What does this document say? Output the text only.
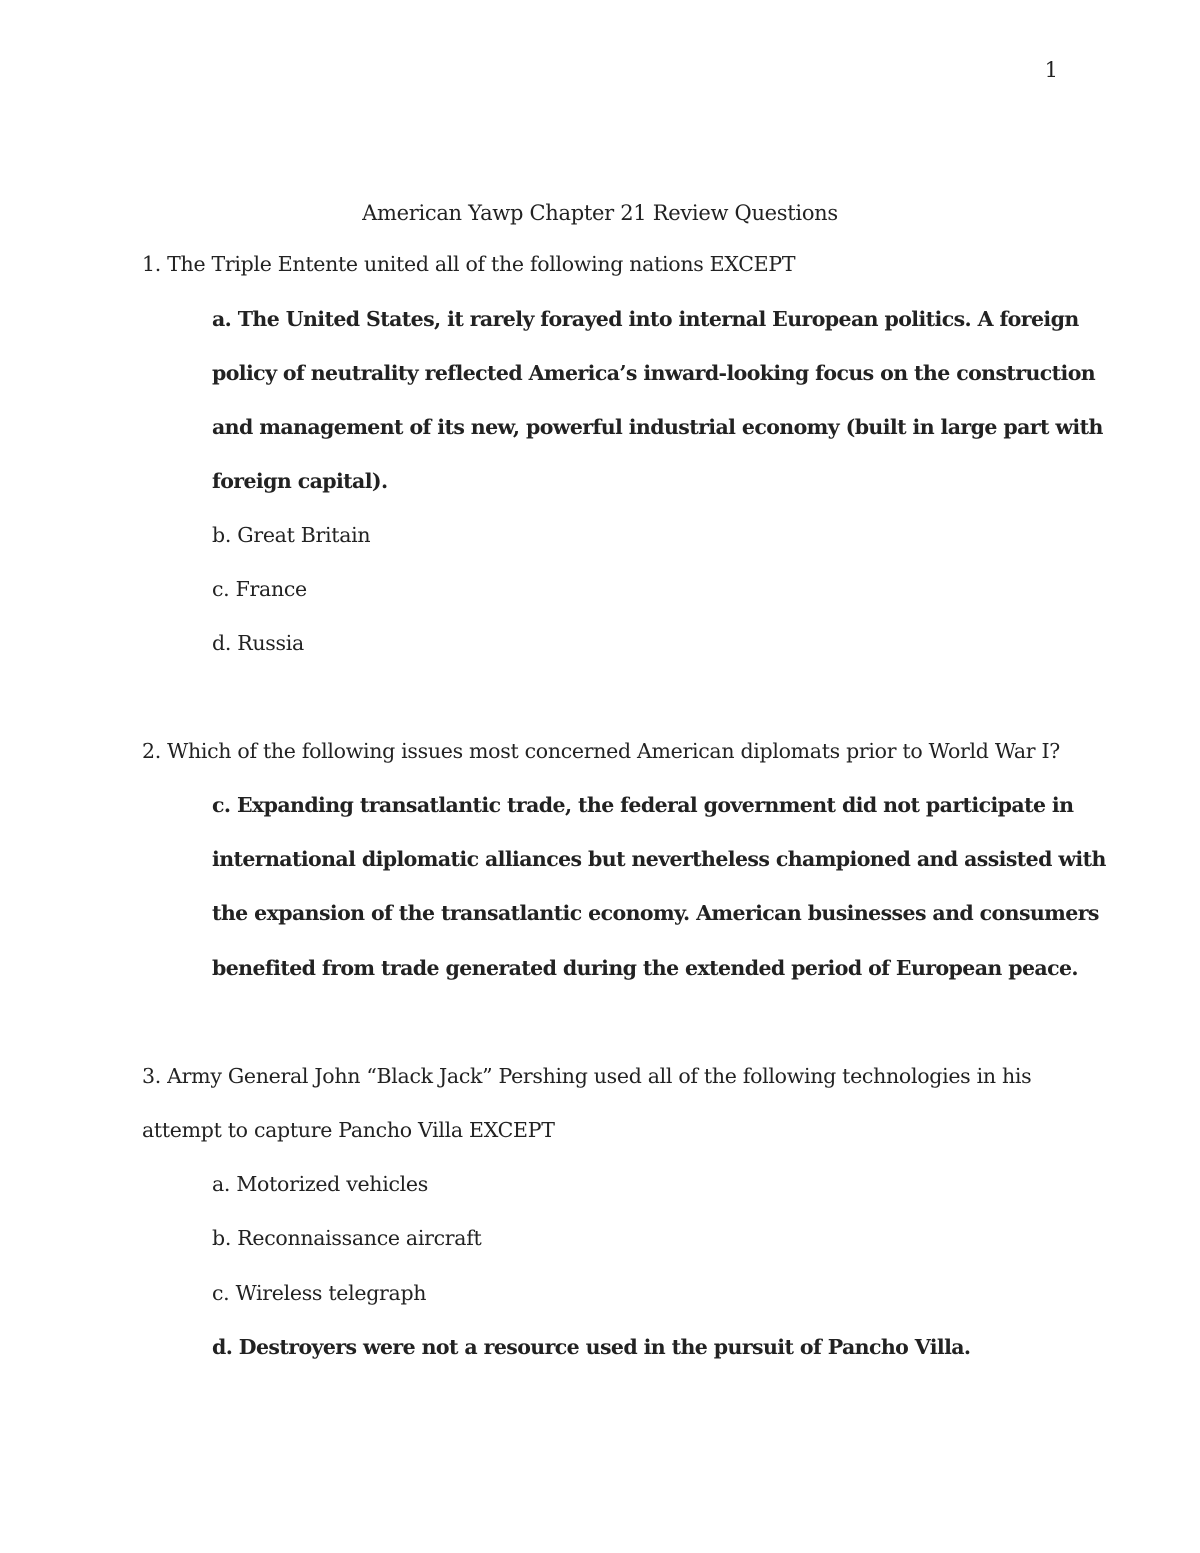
1
American Yawp Chapter 21 Review Questions
1. The Triple Entente united all of the following nations EXCEPT
a. The United States, it rarely forayed into internal European politics. A foreign
policy of neutrality reflected America’s inward-looking focus on the construction
and management of its new, powerful industrial economy (built in large part with
foreign capital).
b. Great Britain
c. France
d. Russia
2. Which of the following issues most concerned American diplomats prior to World War I?
c. Expanding transatlantic trade, the federal government did not participate in
international diplomatic alliances but nevertheless championed and assisted with
the expansion of the transatlantic economy. American businesses and consumers
benefited from trade generated during the extended period of European peace.
3. Army General John “Black Jack” Pershing used all of the following technologies in his
attempt to capture Pancho Villa EXCEPT
a. Motorized vehicles
b. Reconnaissance aircraft
c. Wireless telegraph
d. Destroyers were not a resource used in the pursuit of Pancho Villa.
